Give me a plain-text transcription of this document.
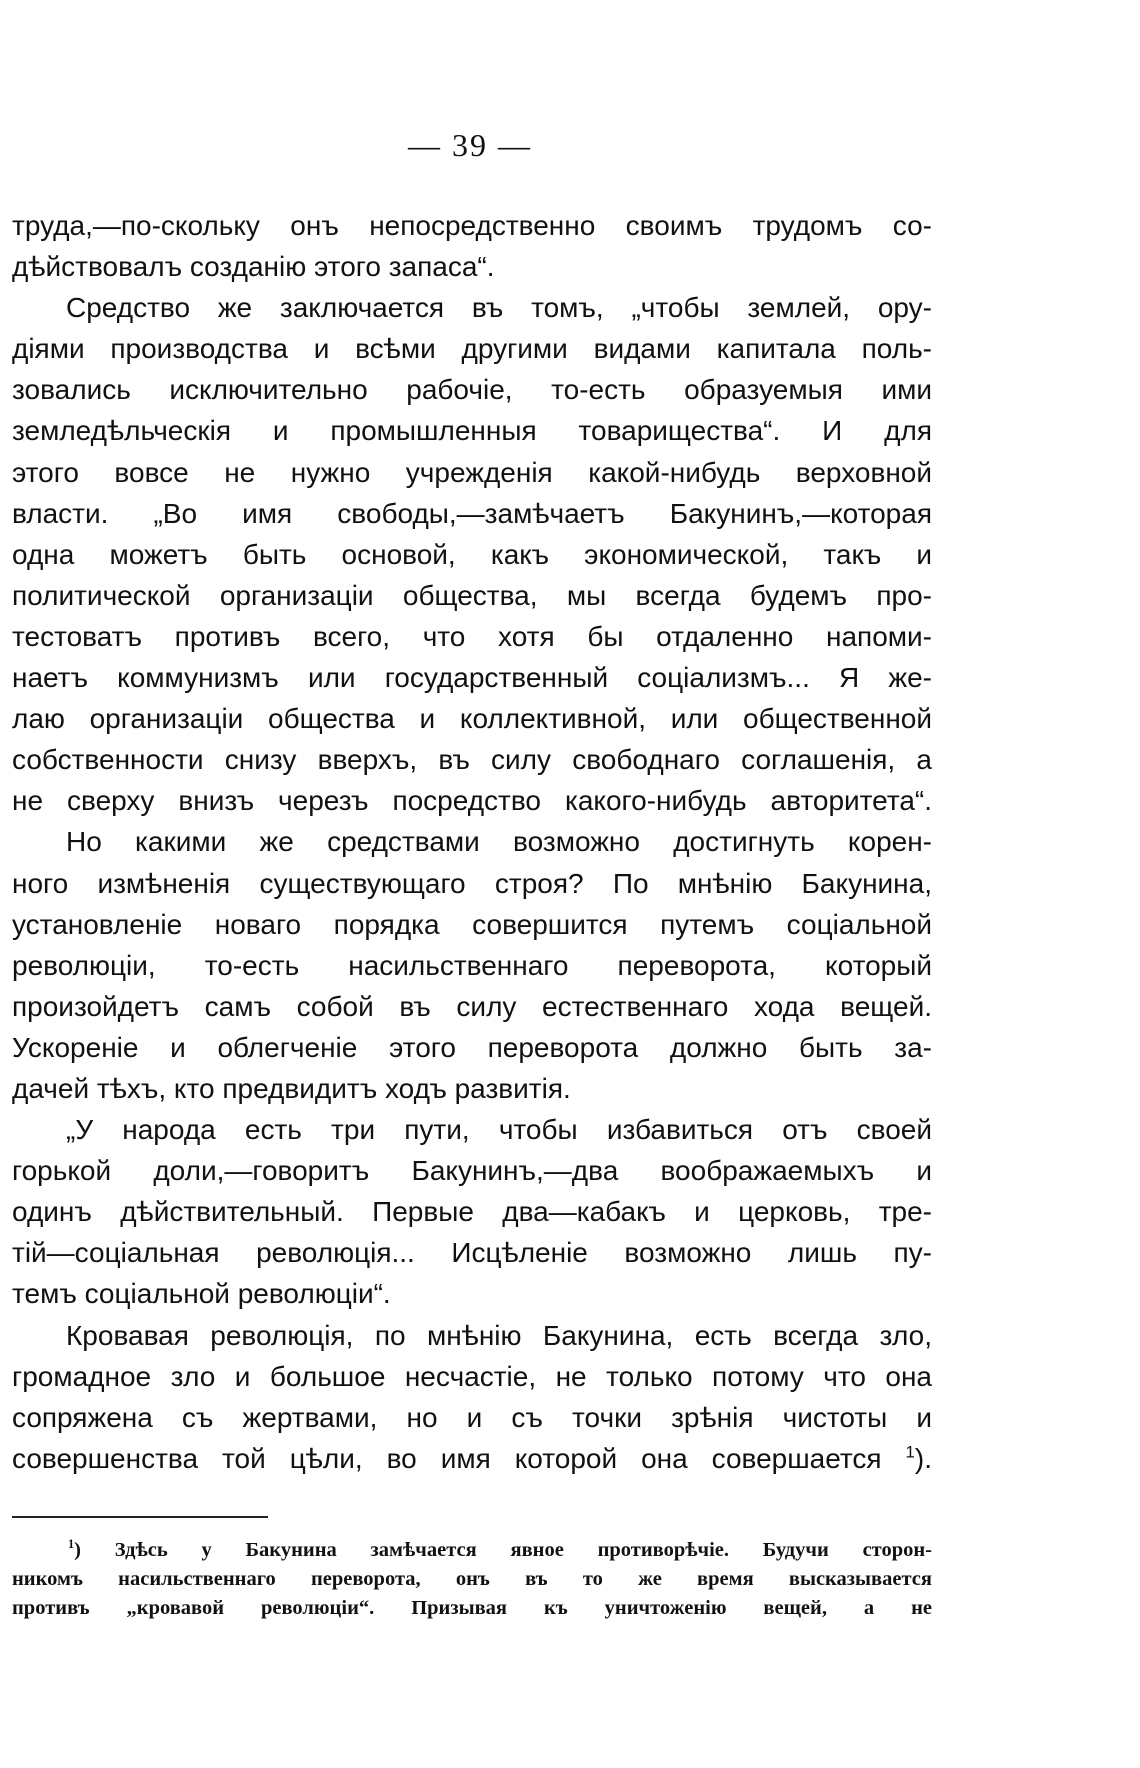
— 39 —
труда,—по-скольку онъ непосредственно своимъ трудомъ со-
дѣйствовалъ созданію этого запаса“.
Средство же заключается въ томъ, „чтобы землей, ору-
діями производства и всѣми другими видами капитала поль-
зовались исключительно рабочіе, то-есть образуемыя ими
земледѣльческія и промышленныя товарищества“. И для
этого вовсе не нужно учрежденія какой-нибудь верховной
власти. „Во имя свободы,—замѣчаетъ Бакунинъ,—которая
одна можетъ быть основой, какъ экономической, такъ и
политической организаціи общества, мы всегда будемъ про-
тестоватъ противъ всего, что хотя бы отдаленно напоми-
наетъ коммунизмъ или государственный соціализмъ... Я же-
лаю организаціи общества и коллективной, или общественной
собственности снизу вверхъ, въ силу свободнаго соглашенія, а
не сверху внизъ черезъ посредство какого-нибудь авторитета“.
Но какими же средствами возможно достигнуть корен-
ного измѣненія существующаго строя? По мнѣнію Бакунина,
установленіе новаго порядка совершится путемъ соціальной
революціи, то-есть насильственнаго переворота, который
произойдетъ самъ собой въ силу естественнаго хода вещей.
Ускореніе и облегченіе этого переворота должно быть за-
дачей тѣхъ, кто предвидитъ ходъ развитія.
„У народа есть три пути, чтобы избавиться отъ своей
горькой доли,—говоритъ Бакунинъ,—два воображаемыхъ и
одинъ дѣйствительный. Первые два—кабакъ и церковь, тре-
тій—соціальная революція... Исцѣленіе возможно лишь пу-
темъ соціальной революціи“.
Кровавая революція, по мнѣнію Бакунина, есть всегда зло,
громадное зло и большое несчастіе, не только потому что она
сопряжена съ жертвами, но и съ точки зрѣнія чистоты и
совершенства той цѣли, во имя которой она совершается $^1$).
$^1$) Здѣсь у Бакунина замѣчается явное противорѣчіе. Будучи сторон-
никомъ насильственнаго переворота, онъ въ то же время высказывается
противъ „кровавой революціи“. Призывая къ уничтоженію вещей, а не
